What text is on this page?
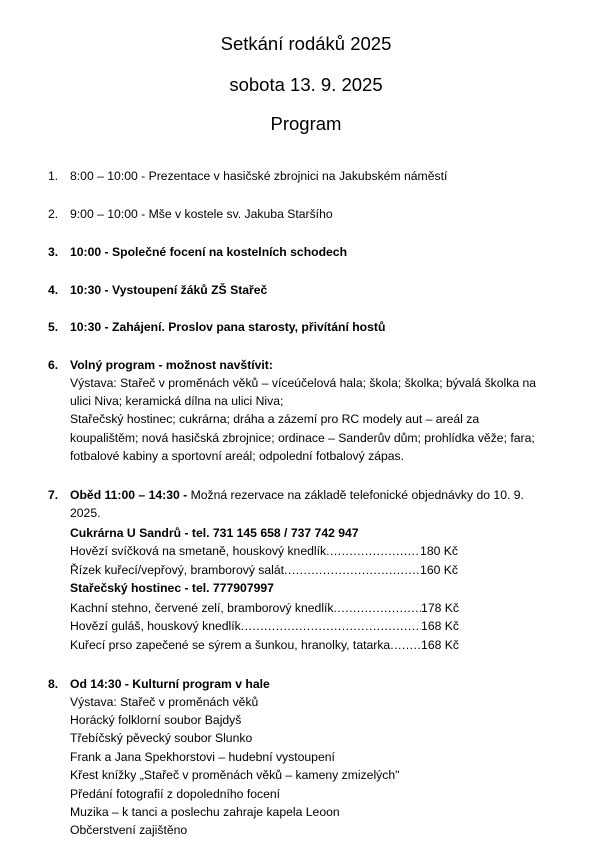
Setkání rodáků 2025
sobota 13. 9. 2025
Program
1. 8:00 – 10:00 - Prezentace v hasičské zbrojnici na Jakubském náměstí
2. 9:00 – 10:00 - Mše v kostele sv. Jakuba Staršího
3. 10:00 - Společné focení na kostelních schodech
4. 10:30 - Vystoupení žáků ZŠ Stařeč
5. 10:30 - Zahájení. Proslov pana starosty, přivítání hostů
6. Volný program - možnost navštívit:
Výstava: Stařeč v proměnách věků – víceúčelová hala; škola; školka; bývalá školka na
ulici Niva; keramická dílna na ulici Niva;
Stařečský hostinec; cukrárna; dráha a zázemí pro RC modely aut – areál za
koupalištěm; nová hasičská zbrojnice; ordinace – Sanderův dům; prohlídka věže; fara;
fotbalové kabiny a sportovní areál; odpolední fotbalový zápas.
7. Oběd 11:00 – 14:30 - Možná rezervace na základě telefonické objednávky do 10. 9.
2025.
Cukrárna U Sandrů - tel. 731 145 658 / 737 742 947
Hovězí svíčková na smetaně, houskový knedlík .....	180 Kč
Řízek kuřecí/vepřový, bramborový salát .....	160 Kč
Stařečský hostinec - tel. 777907997
Kachní stehno, červené zelí, bramborový knedlík .....	178 Kč
Hovězí guláš, houskový knedlík .....	168 Kč
Kuřecí prso zapečené se sýrem a šunkou, hranolky, tatarka .....	168 Kč
8. Od 14:30 - Kulturní program v hale
Výstava: Stařeč v proměnách věků
Horácký folklorní soubor Bajdyš
Třebíčský pěvecký soubor Slunko
Frank a Jana Spekhorstovi – hudební vystoupení
Křest knížky „Stařeč v proměnách věků – kameny zmizelých"
Předání fotografií z dopoledního focení
Muzika – k tanci a poslechu zahraje kapela Leoon
Občerstvení zajištěno
